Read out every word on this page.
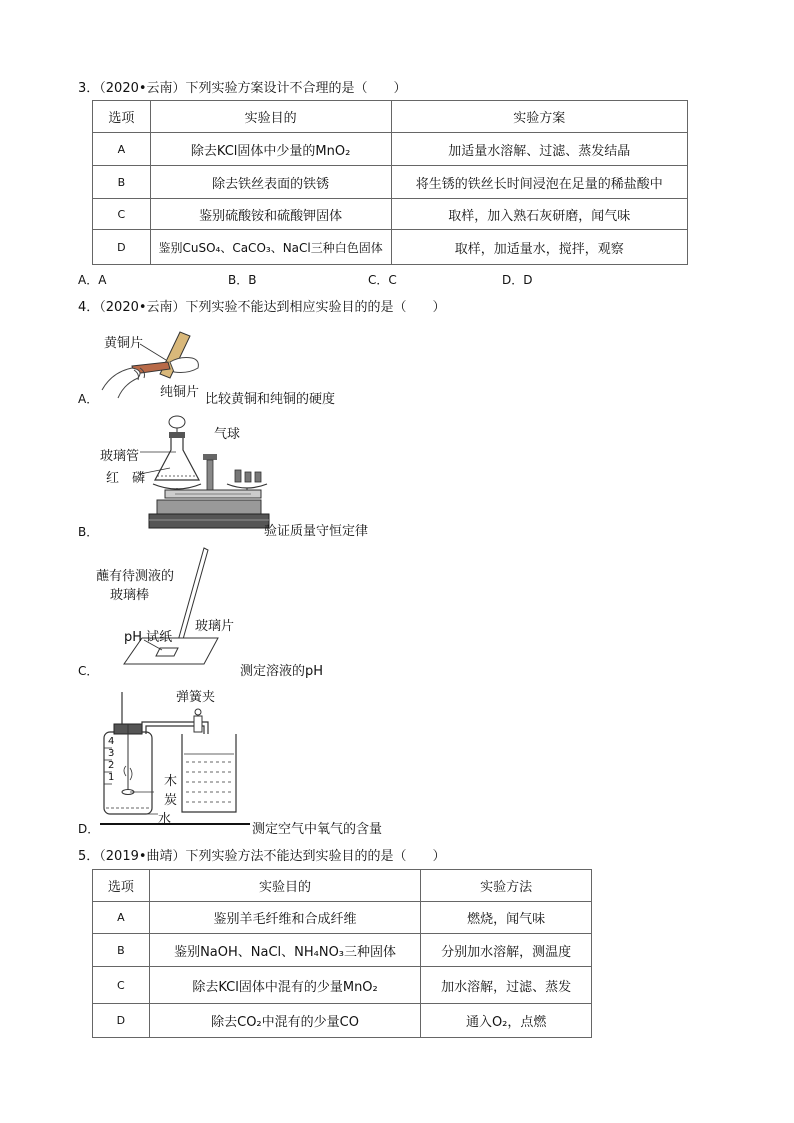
3．（2020•云南）下列实验方案设计不合理的是（　　）
选项	实验目的	实验方案
A	除去KCl固体中少量的MnO₂	加适量水溶解、过滤、蒸发结晶
B	除去铁丝表面的铁锈	将生锈的铁丝长时间浸泡在足量的稀盐酸中
C	鉴别硫酸铵和硫酸钾固体	取样，加入熟石灰研磨，闻气味
D	鉴别CuSO₄、CaCO₃、NaCl三种白色固体	取样，加适量水，搅拌，观察
A．A	B．B	C．C	D．D
4．（2020•云南）下列实验不能达到相应实验目的的是（　　）
黄铜片
纯铜片
A．	比较黄铜和纯铜的硬度
气球
玻璃管
红　磷
B．	验证质量守恒定律
蘸有待测液的
玻璃棒
玻璃片
pH 试纸
C．	测定溶液的pH
4
3
2
1
弹簧夹
木
炭
水
D．	测定空气中氧气的含量
5．（2019•曲靖）下列实验方法不能达到实验目的的是（　　）
选项	实验目的	实验方法
A	鉴别羊毛纤维和合成纤维	燃烧，闻气味
B	鉴别NaOH、NaCl、NH₄NO₃三种固体	分别加水溶解，测温度
C	除去KCl固体中混有的少量MnO₂	加水溶解，过滤、蒸发
D	除去CO₂中混有的少量CO	通入O₂，点燃
